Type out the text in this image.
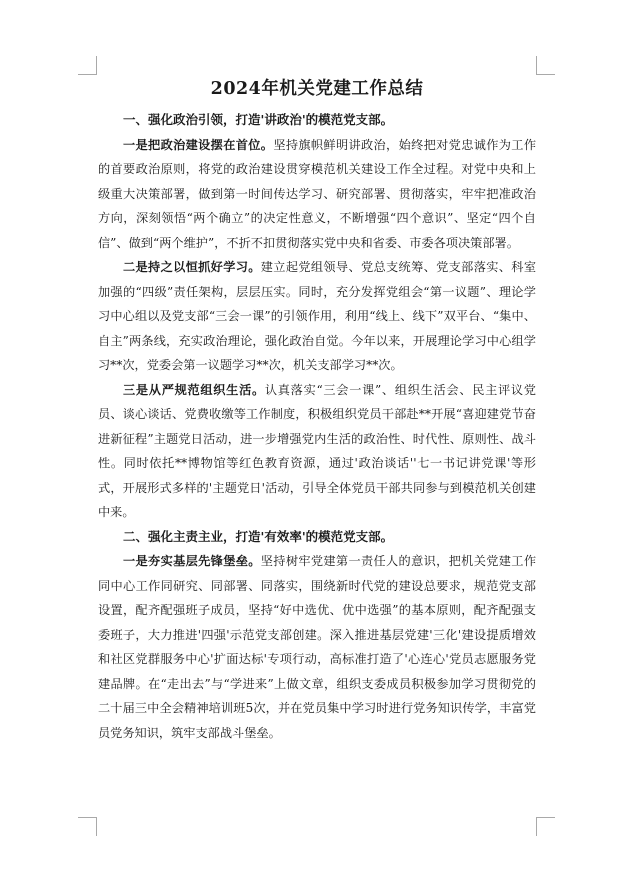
2024年机关党建工作总结

一、强化政治引领，打造'讲政治'的模范党支部。

一是把政治建设摆在首位。坚持旗帜鲜明讲政治，始终把对党忠诚作为工作的首要政治原则，将党的政治建设贯穿模范机关建设工作全过程。对党中央和上级重大决策部署，做到第一时间传达学习、研究部署、贯彻落实，牢牢把准政治方向，深刻领悟“两个确立”的决定性意义，不断增强“四个意识”、坚定“四个自信”、做到“两个维护”，不折不扣贯彻落实党中央和省委、市委各项决策部署。

二是持之以恒抓好学习。建立起党组领导、党总支统筹、党支部落实、科室加强的“四级”责任架构，层层压实。同时，充分发挥党组会“第一议题”、理论学习中心组以及党支部“三会一课”的引领作用，利用“线上、线下”双平台、“集中、自主”两条线，充实政治理论，强化政治自觉。今年以来，开展理论学习中心组学习**次，党委会第一议题学习**次，机关支部学习**次。

三是从严规范组织生活。认真落实“三会一课”、组织生活会、民主评议党员、谈心谈话、党费收缴等工作制度，积极组织党员干部赴**开展“喜迎建党节奋进新征程”主题党日活动，进一步增强党内生活的政治性、时代性、原则性、战斗性。同时依托**博物馆等红色教育资源，通过'政治谈话''七一书记讲党课'等形式，开展形式多样的'主题党日'活动，引导全体党员干部共同参与到模范机关创建中来。

二、强化主责主业，打造'有效率'的模范党支部。

一是夯实基层先锋堡垒。坚持树牢党建第一责任人的意识，把机关党建工作同中心工作同研究、同部署、同落实，围绕新时代党的建设总要求，规范党支部设置，配齐配强班子成员，坚持“好中选优、优中选强”的基本原则，配齐配强支委班子，大力推进'四强'示范党支部创建。深入推进基层党建'三化'建设提质增效和社区党群服务中心'扩面达标'专项行动，高标准打造了'心连心'党员志愿服务党建品牌。在“走出去”与“学进来”上做文章，组织支委成员积极参加学习贯彻党的二十届三中全会精神培训班5次，并在党员集中学习时进行党务知识传学，丰富党员党务知识，筑牢支部战斗堡垒。
